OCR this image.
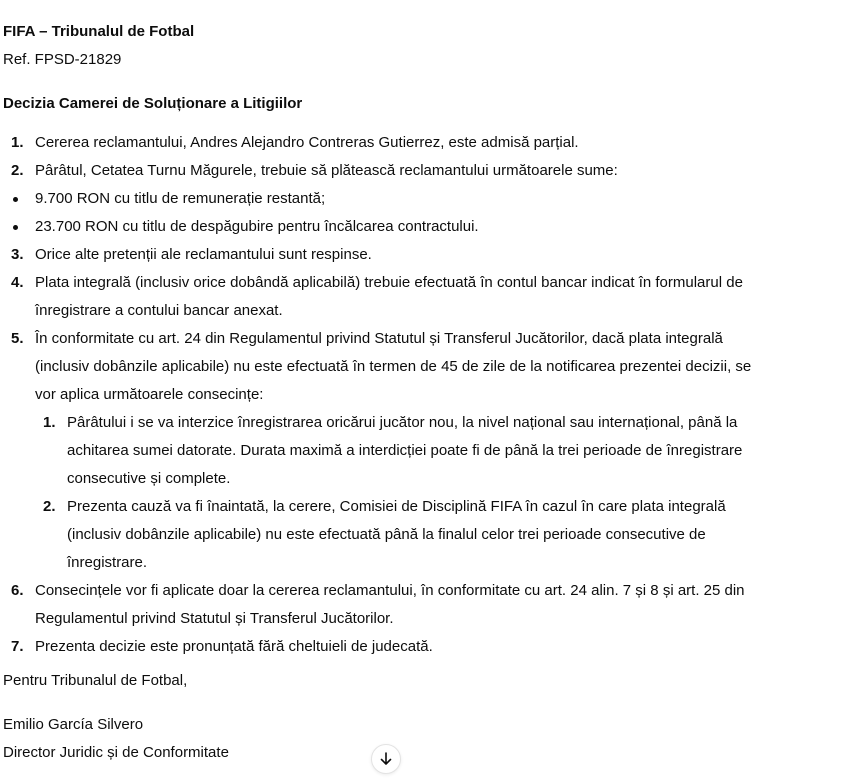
FIFA – Tribunalul de Fotbal

Ref. FPSD-21829

Decizia Camerei de Soluționare a Litigiilor

1. Cererea reclamantului, Andres Alejandro Contreras Gutierrez, este admisă parțial.
2. Pârâtul, Cetatea Turnu Măgurele, trebuie să plătească reclamantului următoarele sume:
9.700 RON cu titlu de remunerație restantă;
23.700 RON cu titlu de despăgubire pentru încălcarea contractului.
3. Orice alte pretenții ale reclamantului sunt respinse.
4. Plata integrală (inclusiv orice dobândă aplicabilă) trebuie efectuată în contul bancar indicat în formularul de înregistrare a contului bancar anexat.
5. În conformitate cu art. 24 din Regulamentul privind Statutul și Transferul Jucătorilor, dacă plata integrală (inclusiv dobânzile aplicabile) nu este efectuată în termen de 45 de zile de la notificarea prezentei decizii, se vor aplica următoarele consecințe:
1. Pârâtului i se va interzice înregistrarea oricărui jucător nou, la nivel național sau internațional, până la achitarea sumei datorate. Durata maximă a interdicției poate fi de până la trei perioade de înregistrare consecutive și complete.
2. Prezenta cauză va fi înaintată, la cerere, Comisiei de Disciplină FIFA în cazul în care plata integrală (inclusiv dobânzile aplicabile) nu este efectuată până la finalul celor trei perioade consecutive de înregistrare.
6. Consecințele vor fi aplicate doar la cererea reclamantului, în conformitate cu art. 24 alin. 7 și 8 și art. 25 din Regulamentul privind Statutul și Transferul Jucătorilor.
7. Prezenta decizie este pronunțată fără cheltuieli de judecată.

Pentru Tribunalul de Fotbal,

Emilio García Silvero

Director Juridic și de Conformitate
